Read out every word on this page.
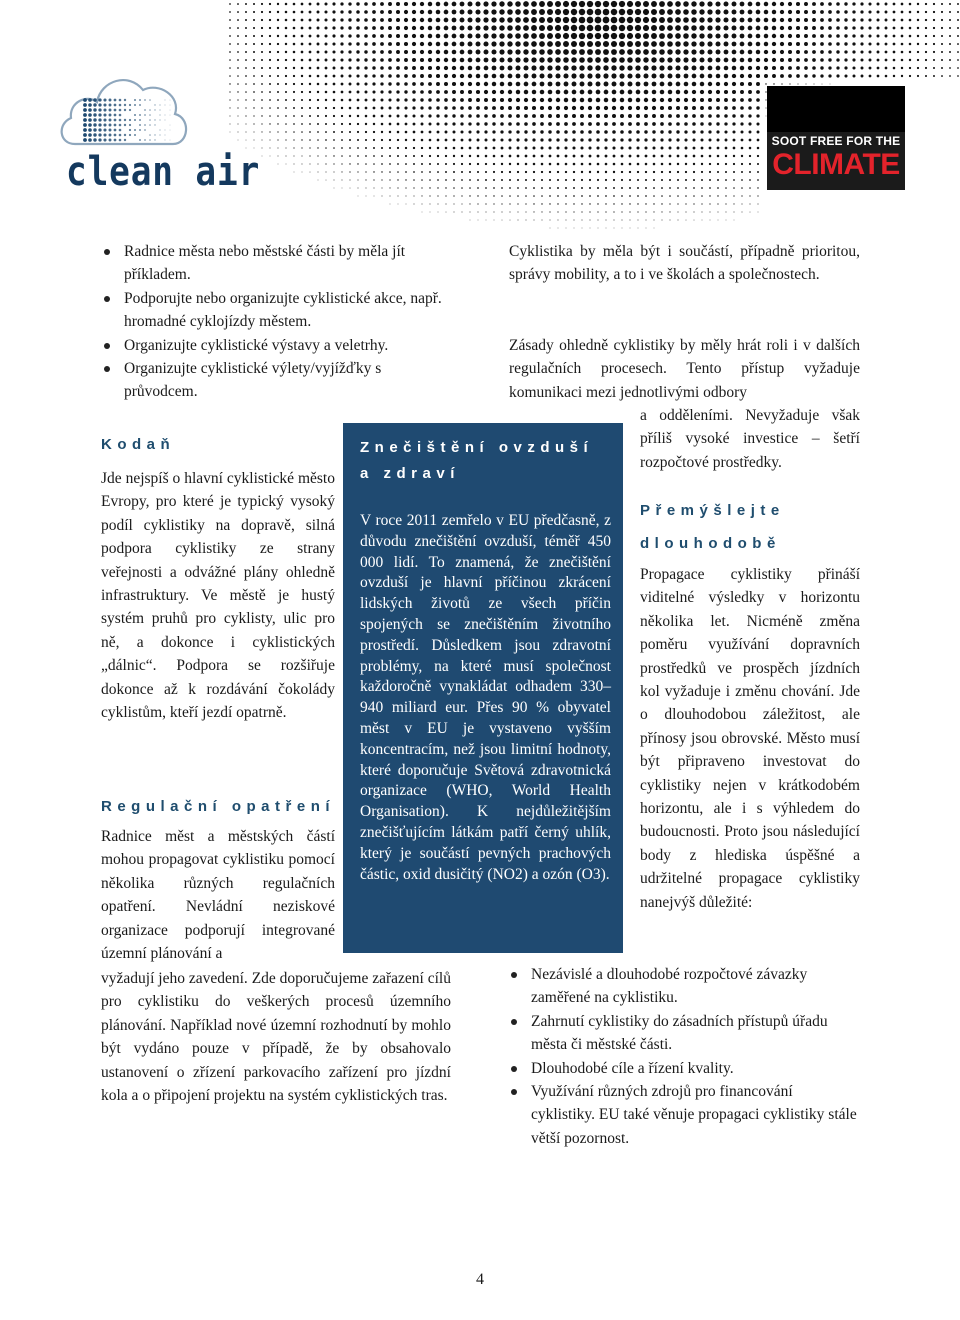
clean air
SOOT FREE FOR THE
CLIMATE
Radnice města nebo městské části by měla jít příkladem.
Podporujte nebo organizujte cyklistické akce, např. hromadné cyklojízdy městem.
Organizujte cyklistické výstavy a veletrhy.
Organizujte cyklistické výlety/vyjížďky s průvodcem.
Kodaň

Jde nejspíš o hlavní cyklistické město Evropy, pro které je typický vysoký podíl cyklistiky na dopravě, silná podpora cyklistiky ze strany veřejnosti a odvážné plány ohledně infrastruktury. Ve městě je hustý systém pruhů pro cyklisty, ulic pro ně, a dokonce i cyklistických „dálnic“. Podpora se rozšiřuje dokonce až k rozdávání čokolády cyklistům, kteří jezdí opatrně.

Regulační opatření

Radnice měst a městských částí mohou propagovat cyklistiku pomocí několika různých regulačních opatření. Nevládní neziskové organizace podporují integrované územní plánování a

vyžadují jeho zavedení. Zde doporučujeme zařazení cílů pro cyklistiku do veškerých procesů územního plánování. Například nové územní rozhodnutí by mohlo být vydáno pouze v případě, že by obsahovalo ustanovení o zřízení parkovacího zařízení pro jízdní kola a o připojení projektu na systém cyklistických tras.

Znečištění ovzduší a zdraví

V roce 2011 zemřelo v EU předčasně, z důvodu znečištění ovzduší, téměř 450 000 lidí. To znamená, že znečištění ovzduší je hlavní příčinou zkrácení lidských životů ze všech příčin spojených se znečištěním životního prostředí. Důsledkem jsou zdravotní problémy, na které musí společnost každoročně vynakládat odhadem 330–940 miliard eur. Přes 90 % obyvatel měst v EU je vystaveno vyšším koncentracím, než jsou limitní hodnoty, které doporučuje Světová zdravotnická organizace (WHO, World Health Organisation). K nejdůležitějším znečišťujícím látkám patří černý uhlík, který je součástí pevných prachových částic, oxid dusičitý (NO2) a ozón (O3).

Cyklistika by měla být i součástí, případně prioritou, správy mobility, a to i ve školách a společnostech.

Zásady ohledně cyklistiky by měly hrát roli i v dalších regulačních procesech. Tento přístup vyžaduje komunikaci mezi jednotlivými odbory

a odděleními. Nevyžaduje však příliš vysoké investice – šetří rozpočtové prostředky.

Přemýšlejte
dlouhodobě

Propagace cyklistiky přináší viditelné výsledky v horizontu několika let. Nicméně změna poměru využívání dopravních prostředků ve prospěch jízdních kol vyžaduje i změnu chování. Jde o dlouhodobou záležitost, ale přínosy jsou obrovské. Město musí být připraveno investovat do cyklistiky nejen v krátkodobém horizontu, ale i s výhledem do budoucnosti. Proto jsou následující body z hlediska úspěšné a udržitelné propagace cyklistiky nanejvýš důležité:

Nezávislé a dlouhodobé rozpočtové závazky zaměřené na cyklistiku.
Zahrnutí cyklistiky do zásadních přístupů úřadu města či městské části.
Dlouhodobé cíle a řízení kvality.
Využívání různých zdrojů pro financování cyklistiky. EU také věnuje propagaci cyklistiky stále větší pozornost.
4
